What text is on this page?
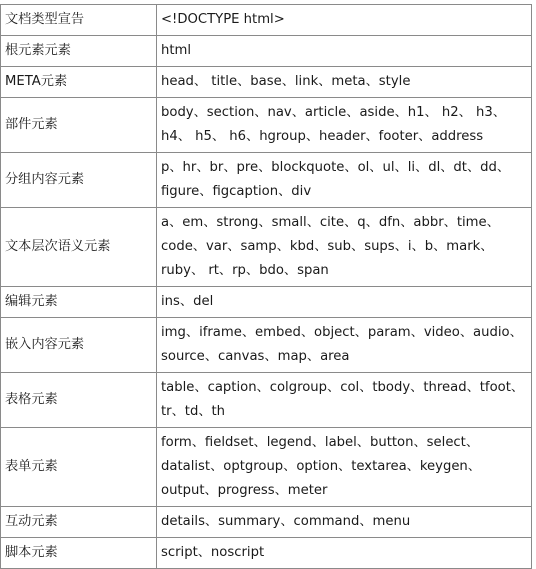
文档类型宣告	<!DOCTYPE html>
根元素元素	html
META元素	head、 title、base、link、meta、style
部件元素	body、section、nav、article、aside、h1、 h2、 h3、 h4、 h5、 h6、hgroup、header、footer、address
分组内容元素	p、hr、br、pre、blockquote、ol、ul、li、dl、dt、dd、 figure、figcaption、div
文本层次语义元素	a、em、strong、small、cite、q、dfn、abbr、time、 code、var、samp、kbd、sub、sups、i、b、mark、ruby、 rt、rp、bdo、span
编辑元素	ins、del
嵌入内容元素	img、iframe、embed、object、param、video、audio、 source、canvas、map、area
表格元素	table、caption、colgroup、col、tbody、thread、tfoot、 tr、td、th
表单元素	form、fieldset、legend、label、button、select、 datalist、optgroup、option、textarea、keygen、 output、progress、meter
互动元素	details、summary、command、menu
脚本元素	script、noscript
